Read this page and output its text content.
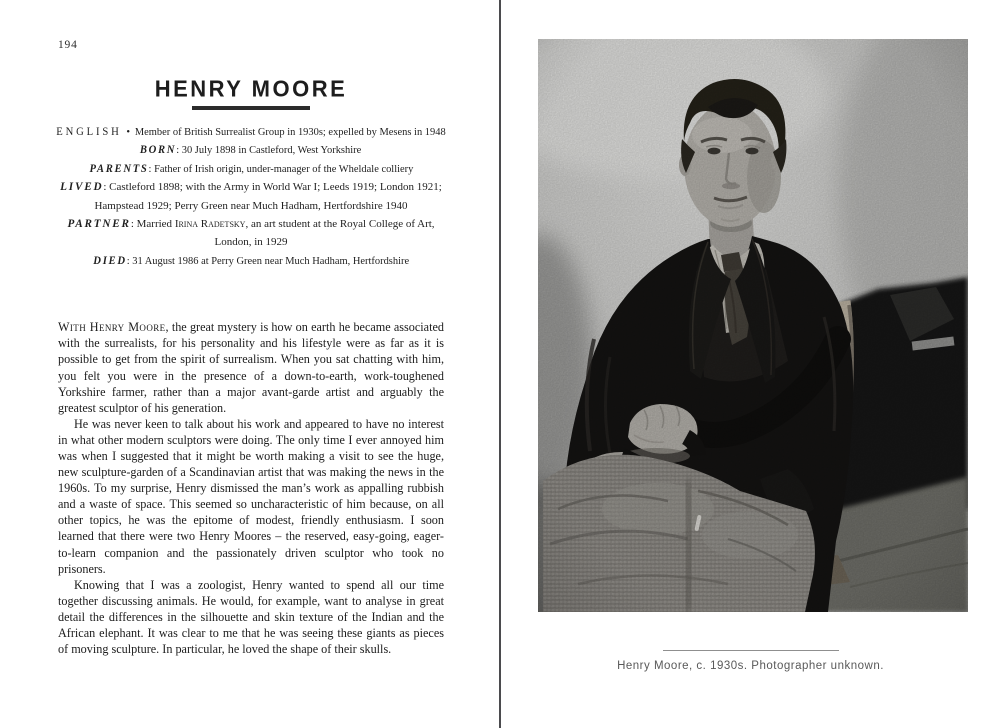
194
HENRY MOORE

ENGLISH • Member of British Surrealist Group in 1930s; expelled by Mesens in 1948

BORN: 30 July 1898 in Castleford, West Yorkshire

PARENTS: Father of Irish origin, under-manager of the Wheldale colliery

LIVED: Castleford 1898; with the Army in World War I; Leeds 1919; London 1921; Hampstead 1929; Perry Green near Much Hadham, Hertfordshire 1940

PARTNER: Married Irina Radetsky, an art student at the Royal College of Art, London, in 1929

DIED: 31 August 1986 at Perry Green near Much Hadham, Hertfordshire

With Henry Moore, the great mystery is how on earth he became associated with the surrealists, for his personality and his lifestyle were as far as it is possible to get from the spirit of surrealism. When you sat chatting with him, you felt you were in the presence of a down-to-earth, work-toughened Yorkshire farmer, rather than a major avant-garde artist and arguably the greatest sculptor of his generation.

He was never keen to talk about his work and appeared to have no interest in what other modern sculptors were doing. The only time I ever annoyed him was when I suggested that it might be worth making a visit to see the huge, new sculpture-garden of a Scandinavian artist that was making the news in the 1960s. To my surprise, Henry dismissed the man’s work as appalling rubbish and a waste of space. This seemed so uncharacteristic of him because, on all other topics, he was the epitome of modest, friendly enthusiasm. I soon learned that there were two Henry Moores – the reserved, easy-going, eager-to-learn companion and the passionately driven sculptor who took no prisoners.

Knowing that I was a zoologist, Henry wanted to spend all our time together discussing animals. He would, for example, want to analyse in great detail the differences in the silhouette and skin texture of the Indian and the African elephant. It was clear to me that he was seeing these giants as pieces of moving sculpture. In particular, he loved the shape of their skulls.

Henry Moore, c. 1930s. Photographer unknown.
